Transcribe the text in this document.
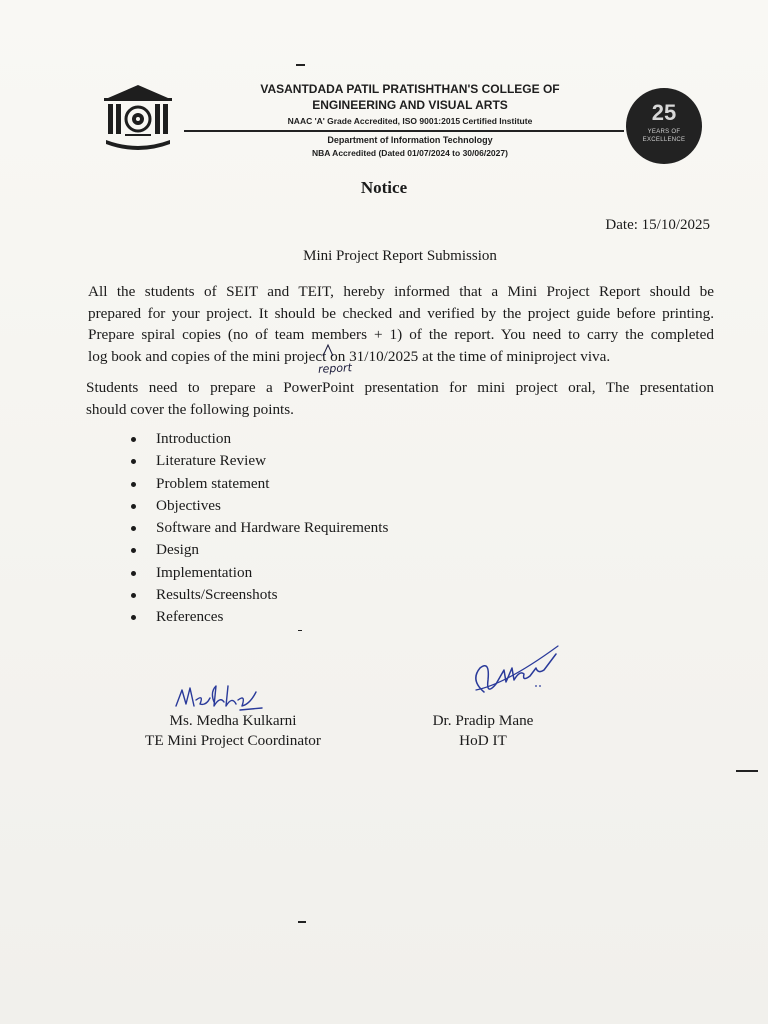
25
YEARS OF
EXCELLENCE
VASANTDADA PATIL PRATISHTHAN'S COLLEGE OF
ENGINEERING AND VISUAL ARTS
NAAC 'A' Grade Accredited, ISO 9001:2015 Certified Institute
Department of Information Technology
NBA Accredited (Dated 01/07/2024 to 30/06/2027)
Notice
Date: 15/10/2025
Mini Project Report Submission
All the students of SEIT and TEIT, hereby informed that a Mini Project Report should be
prepared for your project. It should be checked and verified by the project guide before printing.
Prepare spiral copies (no of team members + 1) of the report. You need to carry the completed
log book and copies of the mini project on 31/10/2025 at the time of miniproject viva.
report
Students need to prepare a PowerPoint presentation for mini project oral, The presentation
should cover the following points.
Introduction
Literature Review
Problem statement
Objectives
Software and Hardware Requirements
Design
Implementation
Results/Screenshots
References
Ms. Medha Kulkarni
TE Mini Project Coordinator
Dr. Pradip Mane
HoD IT
